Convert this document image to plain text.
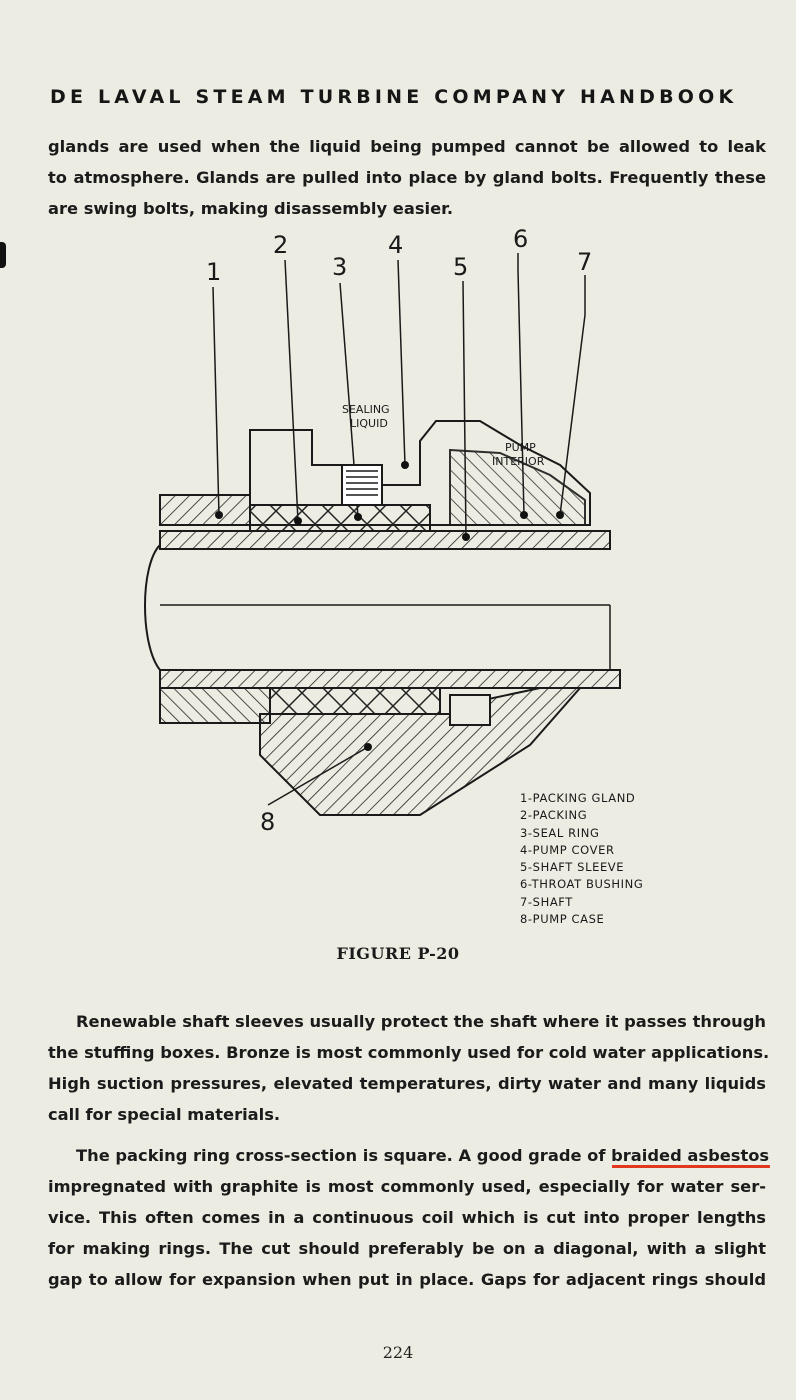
DE LAVAL STEAM TURBINE COMPANY HANDBOOK
glands are used when the liquid being pumped cannot be allowed to leak
to atmosphere. Glands are pulled into place by gland bolts. Frequently these
are swing bolts, making disassembly easier.
1
2
3
4
5
6
7
8
SEALING
LIQUID
PUMP
INTERIOR
1-PACKING GLAND
2-PACKING
3-SEAL RING
4-PUMP COVER
5-SHAFT SLEEVE
6-THROAT BUSHING
7-SHAFT
8-PUMP CASE
FIGURE P-20
Renewable shaft sleeves usually protect the shaft where it passes through
the stuffing boxes. Bronze is most commonly used for cold water applications.
High suction pressures, elevated temperatures, dirty water and many liquids
call for special materials.
The packing ring cross-section is square. A good grade of braided asbestos
impregnated with graphite is most commonly used, especially for water ser-
vice. This often comes in a continuous coil which is cut into proper lengths
for making rings. The cut should preferably be on a diagonal, with a slight
gap to allow for expansion when put in place. Gaps for adjacent rings should
224
